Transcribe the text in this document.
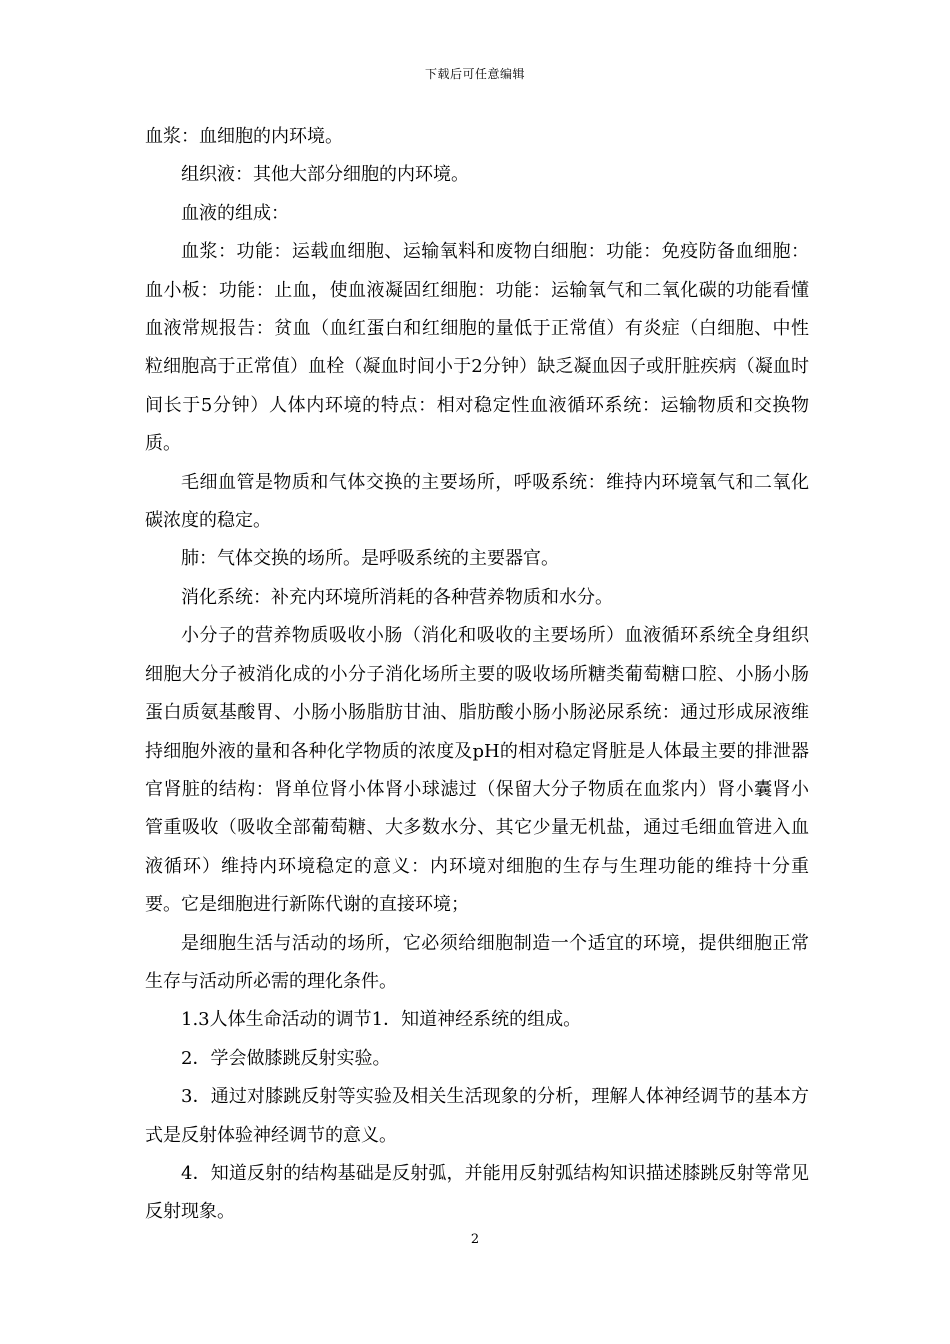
下载后可任意编辑

血浆：血细胞的内环境。

组织液：其他大部分细胞的内环境。

血液的组成：

血浆：功能：运载血细胞、运输氧料和废物白细胞：功能：免疫防备血细胞：血小板：功能：止血，使血液凝固红细胞：功能：运输氧气和二氧化碳的功能看懂血液常规报告：贫血（血红蛋白和红细胞的量低于正常值）有炎症（白细胞、中性粒细胞高于正常值）血栓（凝血时间小于2分钟）缺乏凝血因子或肝脏疾病（凝血时间长于5分钟）人体内环境的特点：相对稳定性血液循环系统：运输物质和交换物质。

毛细血管是物质和气体交换的主要场所，呼吸系统：维持内环境氧气和二氧化碳浓度的稳定。

肺：气体交换的场所。是呼吸系统的主要器官。

消化系统：补充内环境所消耗的各种营养物质和水分。

小分子的营养物质吸收小肠（消化和吸收的主要场所）血液循环系统全身组织细胞大分子被消化成的小分子消化场所主要的吸收场所糖类葡萄糖口腔、小肠小肠蛋白质氨基酸胃、小肠小肠脂肪甘油、脂肪酸小肠小肠泌尿系统：通过形成尿液维持细胞外液的量和各种化学物质的浓度及pH的相对稳定肾脏是人体最主要的排泄器官肾脏的结构：肾单位肾小体肾小球滤过（保留大分子物质在血浆内）肾小囊肾小管重吸收（吸收全部葡萄糖、大多数水分、其它少量无机盐，通过毛细血管进入血液循环）维持内环境稳定的意义：内环境对细胞的生存与生理功能的维持十分重要。它是细胞进行新陈代谢的直接环境；

是细胞生活与活动的场所，它必须给细胞制造一个适宜的环境，提供细胞正常生存与活动所必需的理化条件。

1.3人体生命活动的调节1．知道神经系统的组成。

2．学会做膝跳反射实验。

3．通过对膝跳反射等实验及相关生活现象的分析，理解人体神经调节的基本方式是反射体验神经调节的意义。

4．知道反射的结构基础是反射弧，并能用反射弧结构知识描述膝跳反射等常见反射现象。

2
